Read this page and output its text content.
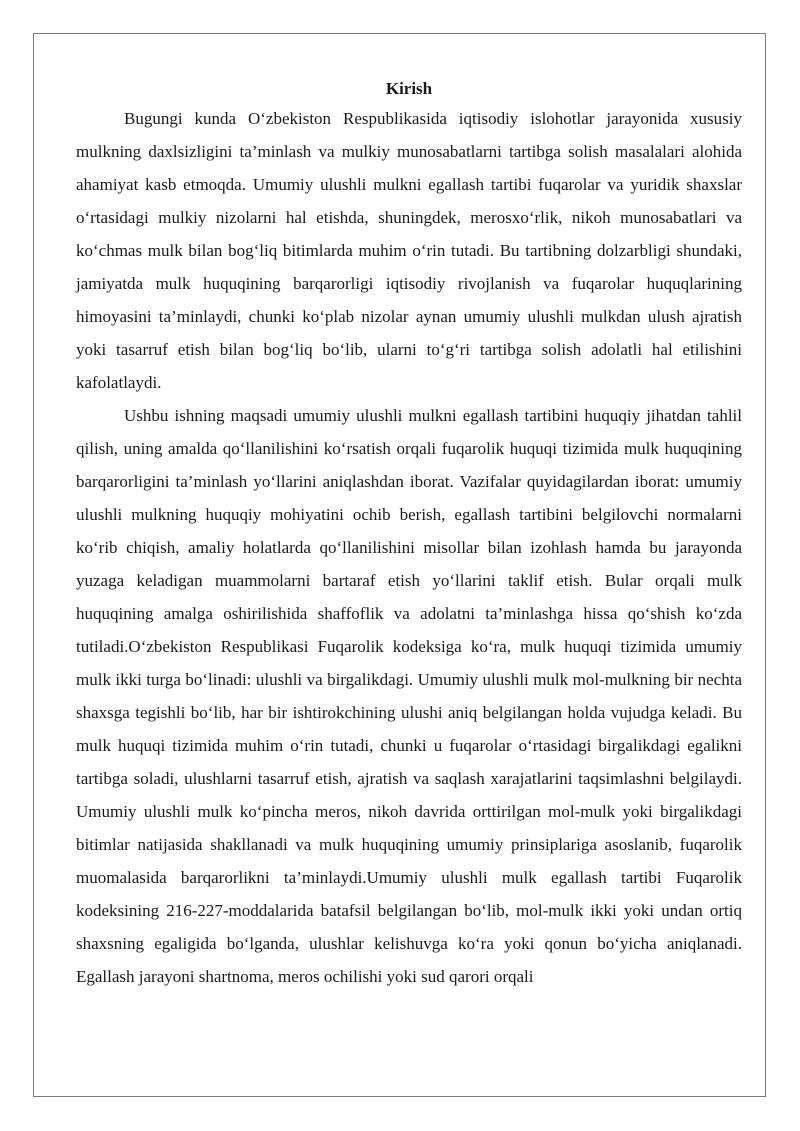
Kirish

Bugungi kunda O‘zbekiston Respublikasida iqtisodiy islohotlar jarayonida xususiy mulkning daxlsizligini ta’minlash va mulkiy munosabatlarni tartibga solish masalalari alohida ahamiyat kasb etmoqda. Umumiy ulushli mulkni egallash tartibi fuqarolar va yuridik shaxslar o‘rtasidagi mulkiy nizolarni hal etishda, shuningdek, merosxo‘rlik, nikoh munosabatlari va ko‘chmas mulk bilan bog‘liq bitimlarda muhim o‘rin tutadi. Bu tartibning dolzarbligi shundaki, jamiyatda mulk huquqining barqarorligi iqtisodiy rivojlanish va fuqarolar huquqlarining himoyasini ta’minlaydi, chunki ko‘plab nizolar aynan umumiy ulushli mulkdan ulush ajratish yoki tasarruf etish bilan bog‘liq bo‘lib, ularni to‘g‘ri tartibga solish adolatli hal etilishini kafolatlaydi.

Ushbu ishning maqsadi umumiy ulushli mulkni egallash tartibini huquqiy jihatdan tahlil qilish, uning amalda qo‘llanilishini ko‘rsatish orqali fuqarolik huquqi tizimida mulk huquqining barqarorligini ta’minlash yo‘llarini aniqlashdan iborat. Vazifalar quyidagilardan iborat: umumiy ulushli mulkning huquqiy mohiyatini ochib berish, egallash tartibini belgilovchi normalarni ko‘rib chiqish, amaliy holatlarda qo‘llanilishini misollar bilan izohlash hamda bu jarayonda yuzaga keladigan muammolarni bartaraf etish yo‘llarini taklif etish. Bular orqali mulk huquqining amalga oshirilishida shaffoflik va adolatni ta’minlashga hissa qo‘shish ko‘zda tutiladi.O‘zbekiston Respublikasi Fuqarolik kodeksiga ko‘ra, mulk huquqi tizimida umumiy mulk ikki turga bo‘linadi: ulushli va birgalikdagi. Umumiy ulushli mulk mol-mulkning bir nechta shaxsga tegishli bo‘lib, har bir ishtirokchining ulushi aniq belgilangan holda vujudga keladi. Bu mulk huquqi tizimida muhim o‘rin tutadi, chunki u fuqarolar o‘rtasidagi birgalikdagi egalikni tartibga soladi, ulushlarni tasarruf etish, ajratish va saqlash xarajatlarini taqsimlashni belgilaydi. Umumiy ulushli mulk ko‘pincha meros, nikoh davrida orttirilgan mol-mulk yoki birgalikdagi bitimlar natijasida shakllanadi va mulk huquqining umumiy prinsiplariga asoslanib, fuqarolik muomalasida barqarorlikni ta’minlaydi.Umumiy ulushli mulk egallash tartibi Fuqarolik kodeksining 216-227-moddalarida batafsil belgilangan bo‘lib, mol-mulk ikki yoki undan ortiq shaxsning egaligida bo‘lganda, ulushlar kelishuvga ko‘ra yoki qonun bo‘yicha aniqlanadi. Egallash jarayoni shartnoma, meros ochilishi yoki sud qarori orqali
